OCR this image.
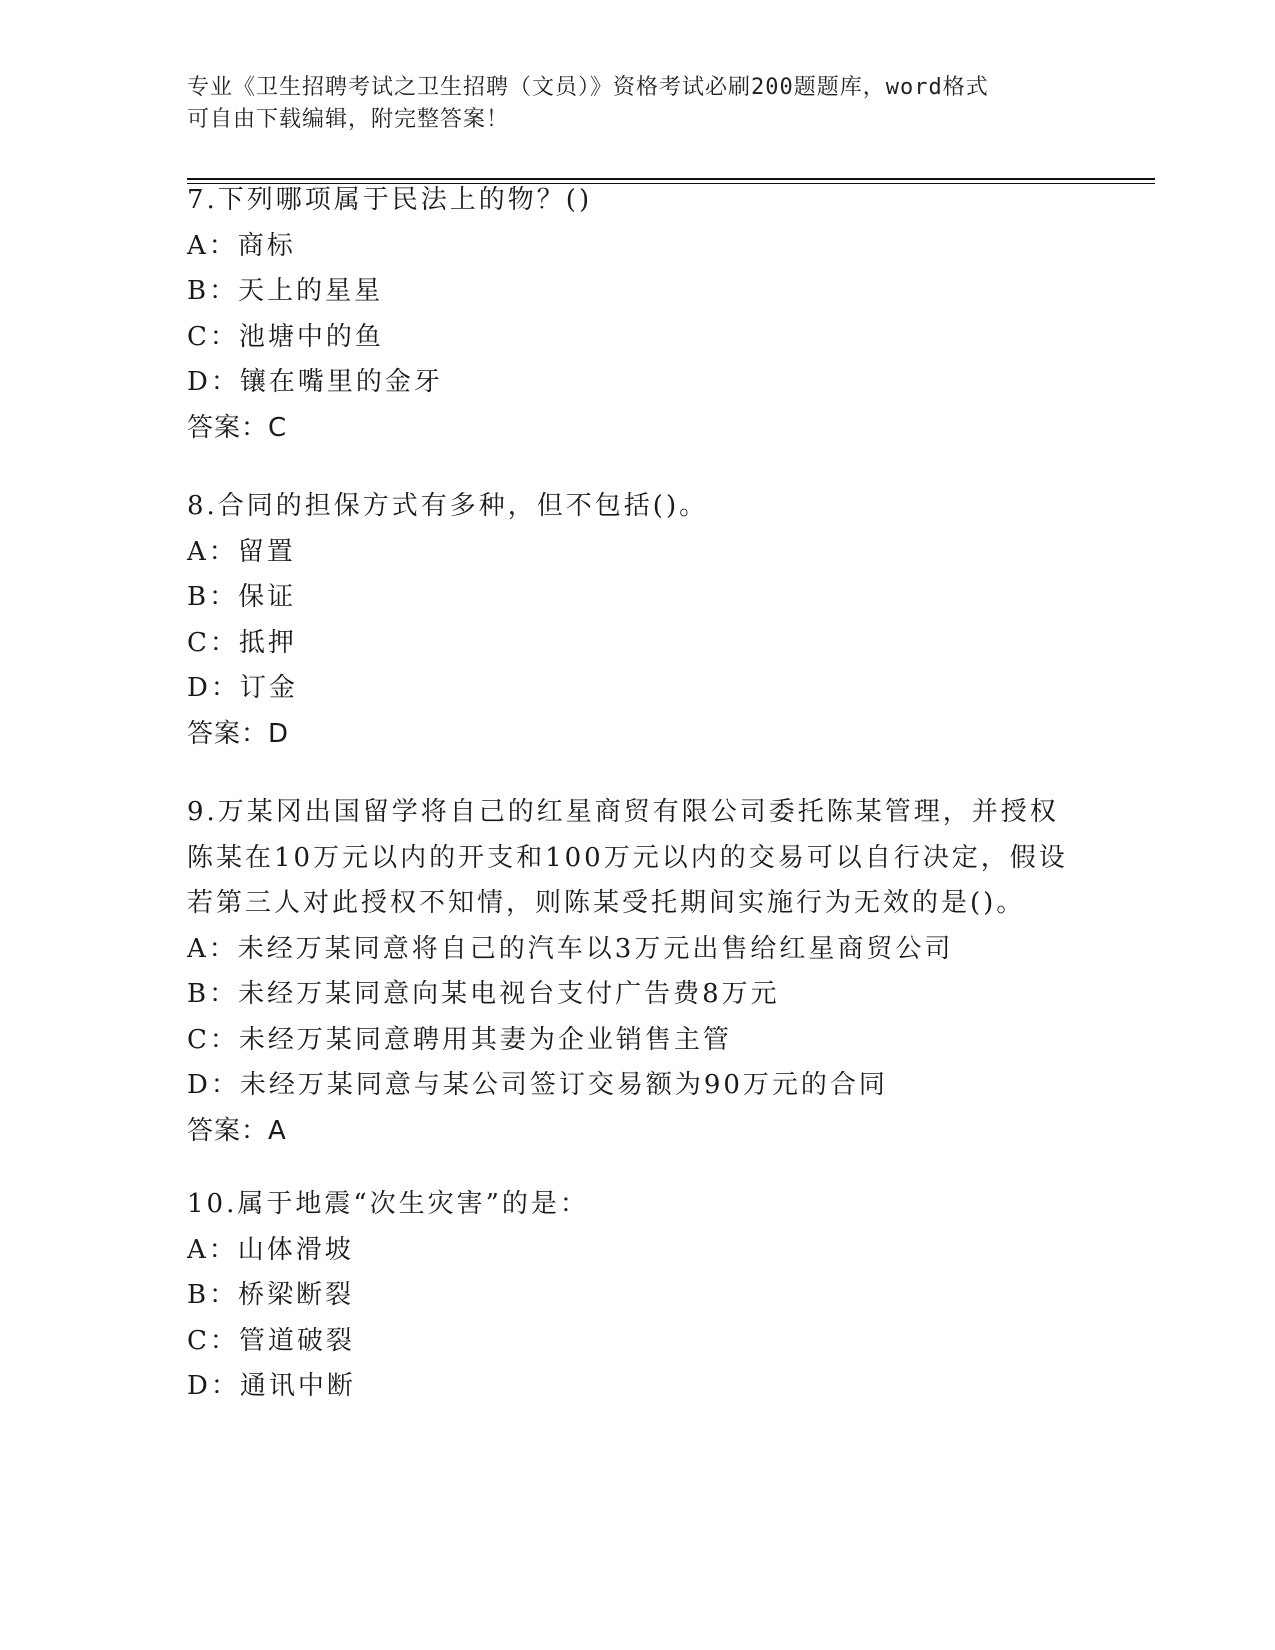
专业《卫生招聘考试之卫生招聘（文员）》资格考试必刷200题题库，word格式
可自由下载编辑，附完整答案！
7.下列哪项属于民法上的物？()
A：商标
B：天上的星星
C：池塘中的鱼
D：镶在嘴里的金牙
答案：C
8.合同的担保方式有多种，但不包括()。
A：留置
B：保证
C：抵押
D：订金
答案：D
9.万某冈出国留学将自己的红星商贸有限公司委托陈某管理，并授权
陈某在10万元以内的开支和100万元以内的交易可以自行决定，假设
若第三人对此授权不知情，则陈某受托期间实施行为无效的是()。
A：未经万某同意将自己的汽车以3万元出售给红星商贸公司
B：未经万某同意向某电视台支付广告费8万元
C：未经万某同意聘用其妻为企业销售主管
D：未经万某同意与某公司签订交易额为90万元的合同
答案：A
10.属于地震“次生灾害”的是：
A：山体滑坡
B：桥梁断裂
C：管道破裂
D：通讯中断
